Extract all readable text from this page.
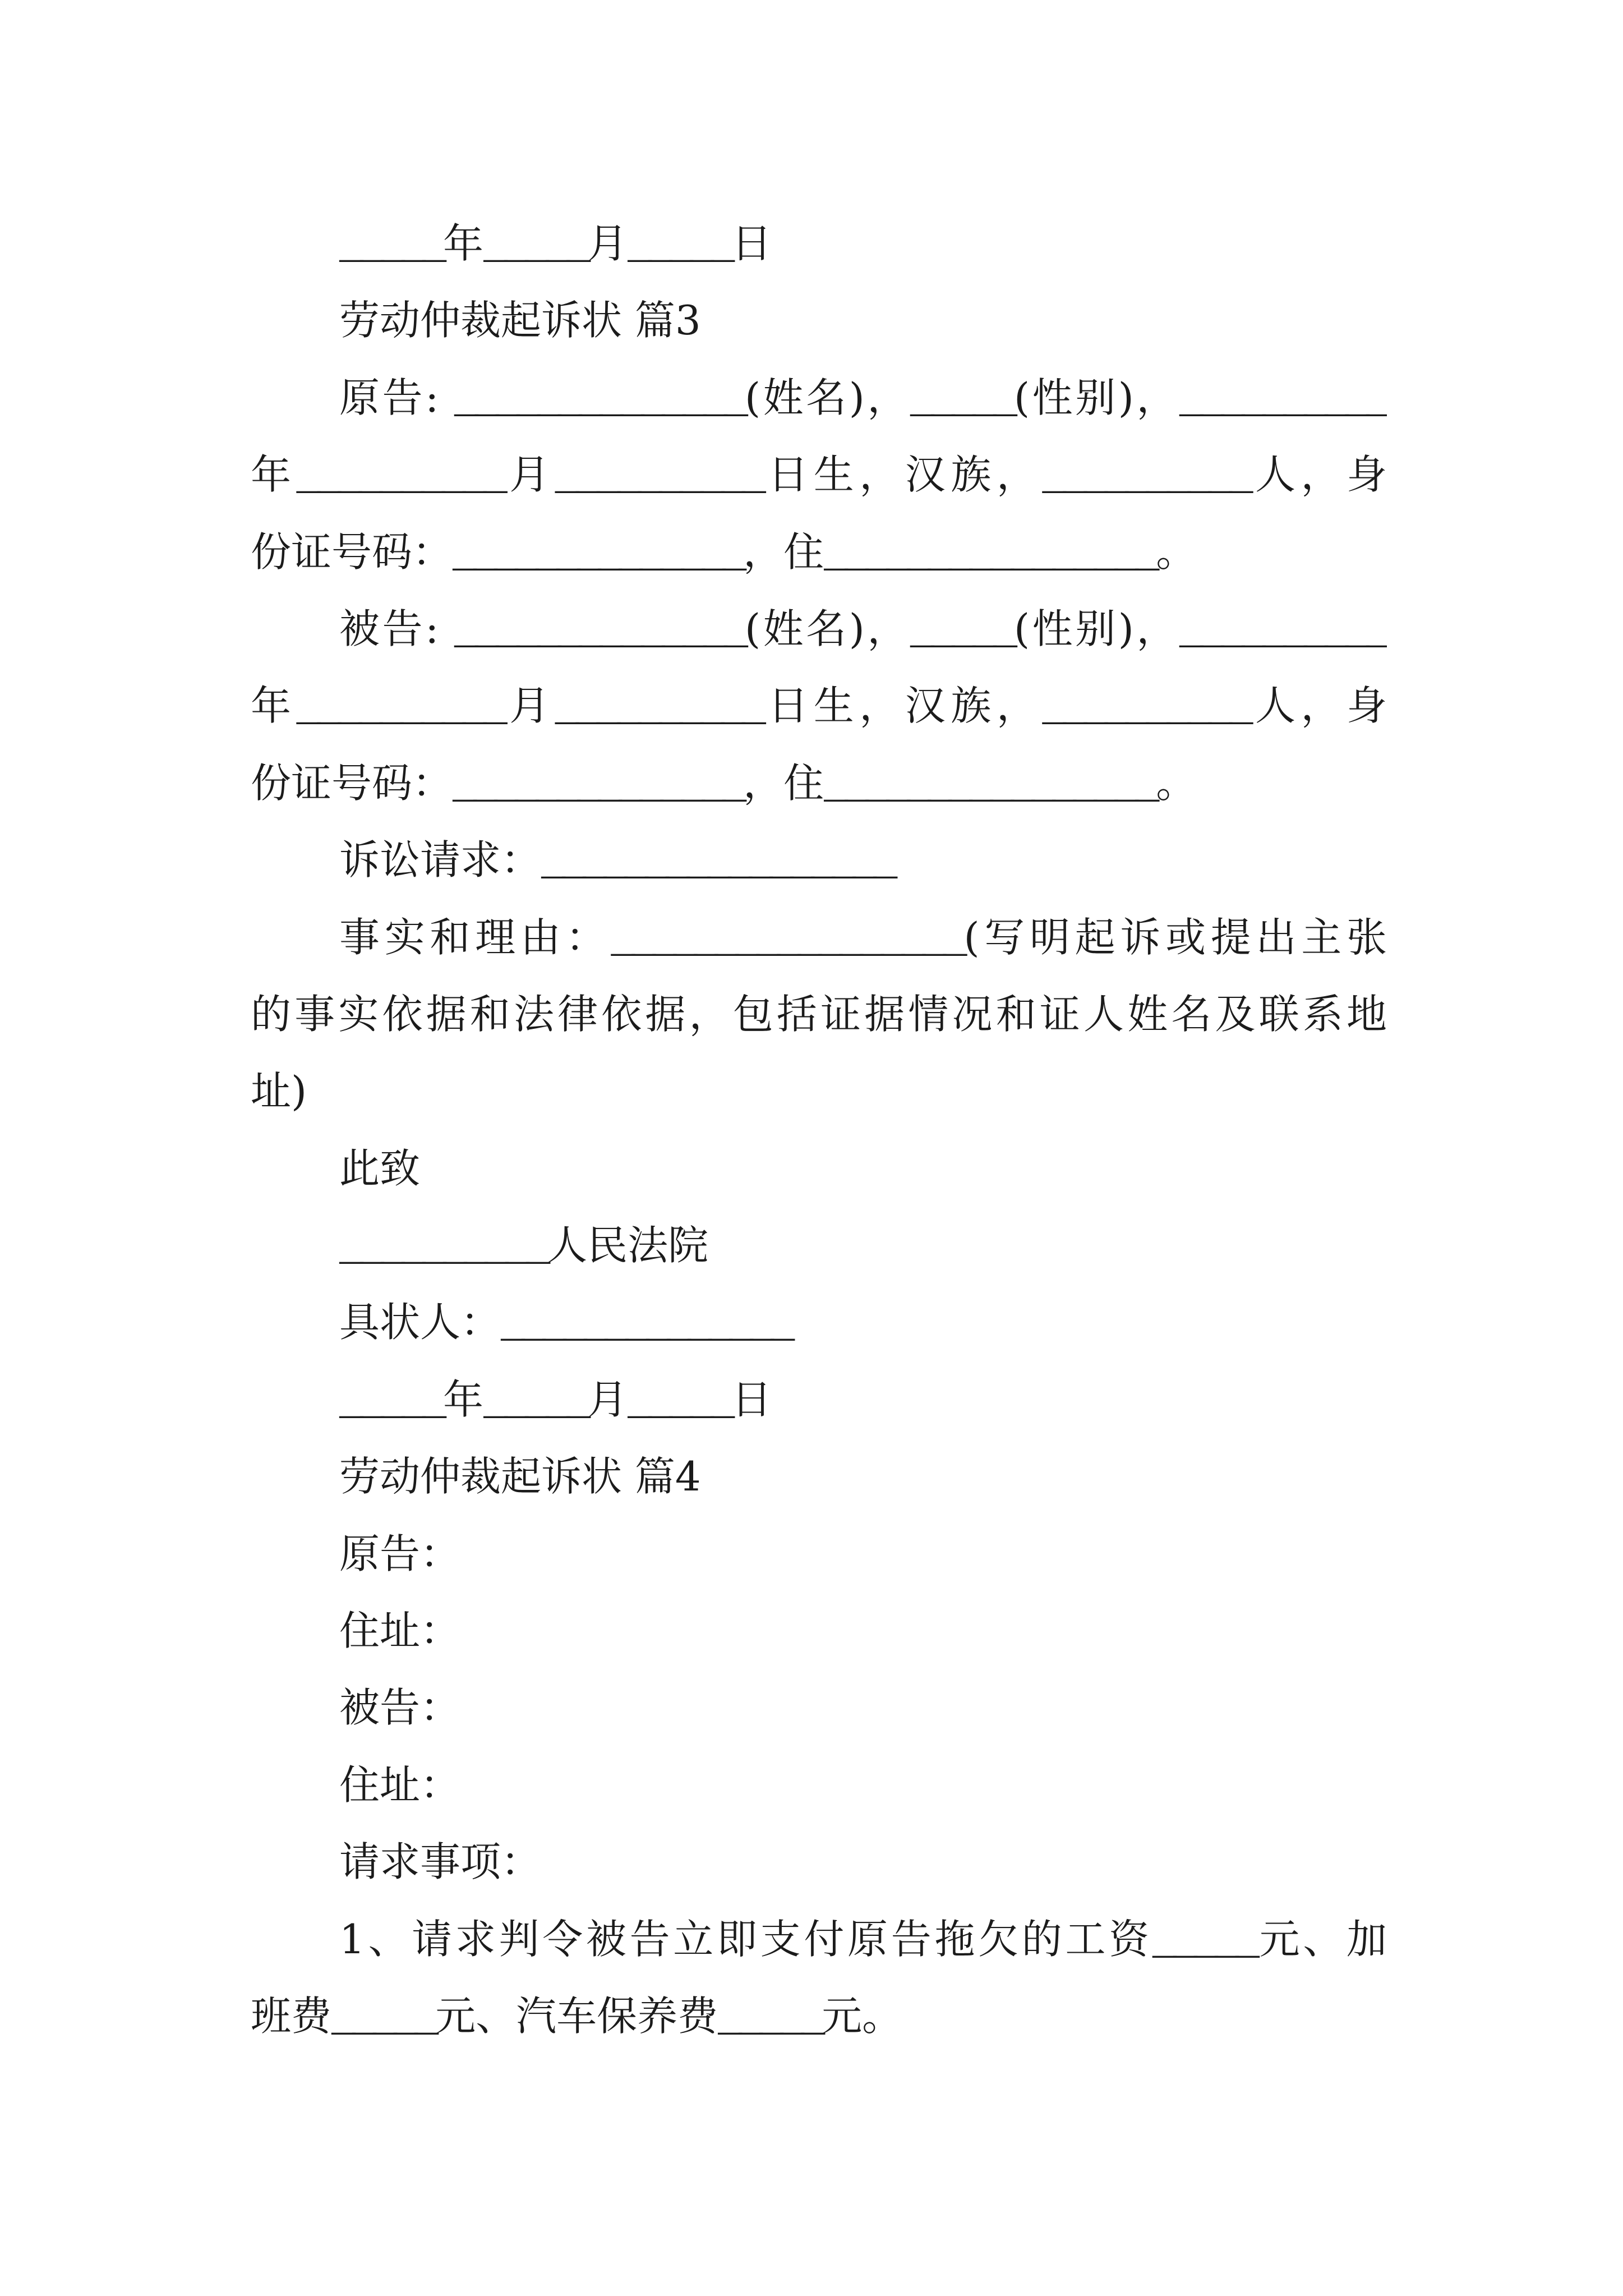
_____年_____月_____日
劳动仲裁起诉状 篇3
原告: ______________(姓名)，_____(性别)，__________
年__________月__________日生，汉族，__________人，身
份证号码：______________，住________________。
被告: ______________(姓名)，_____(性别)，__________
年__________月__________日生，汉族，__________人，身
份证号码：______________，住________________。
诉讼请求：_________________
事实和理由：_________________(写明起诉或提出主张
的事实依据和法律依据，包括证据情况和证人姓名及联系地
址)
此致
__________人民法院
具状人：______________
_____年_____月_____日
劳动仲裁起诉状 篇4
原告：
住址：
被告：
住址：
请求事项：
1、请求判令被告立即支付原告拖欠的工资_____元、加
班费_____元、汽车保养费_____元。
